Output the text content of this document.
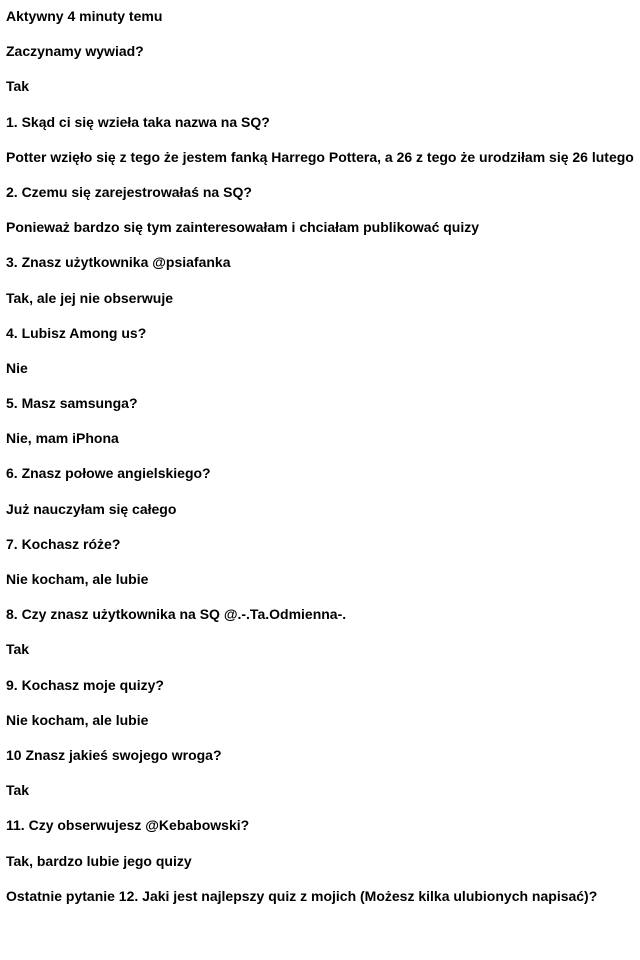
Aktywny 4 minuty temu

Zaczynamy wywiad?

Tak

1. Skąd ci się wzieła taka nazwa na SQ?

Potter wzięło się z tego że jestem fanką Harrego Pottera, a 26 z tego że urodziłam się 26 lutego

2. Czemu się zarejestrowałaś na SQ?

Ponieważ bardzo się tym zainteresowałam i chciałam publikować quizy

3. Znasz użytkownika @psiafanka

Tak, ale jej nie obserwuje

4. Lubisz Among us?

Nie

5. Masz samsunga?

Nie, mam iPhona

6. Znasz połowe angielskiego?

Już nauczyłam się całego

7. Kochasz róże?

Nie kocham, ale lubie

8. Czy znasz użytkownika na SQ @.-.Ta.Odmienna-.

Tak

9. Kochasz moje quizy?

Nie kocham, ale lubie

10 Znasz jakieś swojego wroga?

Tak

11. Czy obserwujesz @Kebabowski?

Tak, bardzo lubie jego quizy

Ostatnie pytanie 12. Jaki jest najlepszy quiz z mojich (Możesz kilka ulubionych napisać)?
